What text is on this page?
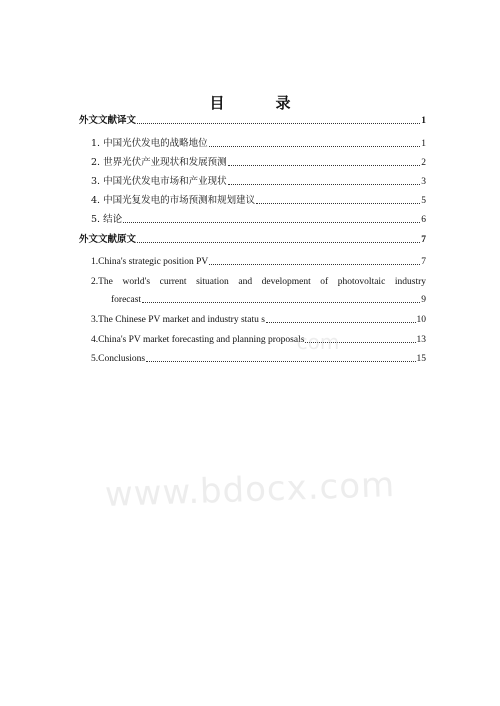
目　录
外文文献译文	1
1. 中国光伏发电的战略地位	1
2. 世界光伏产业现状和发展预测	2
3. 中国光伏发电市场和产业现状	3
4. 中国光复发电的市场预测和规划建议	5
5. 结论	6
外文文献原文	7
1.China's strategic position PV	7
2.The world's current situation and development of photovoltaic industry
forecast	9
3.The Chinese PV market and industry statu s	10
4.China's PV market forecasting and planning proposals	13
5.Conclusions	15
com
www.bdocx.com
